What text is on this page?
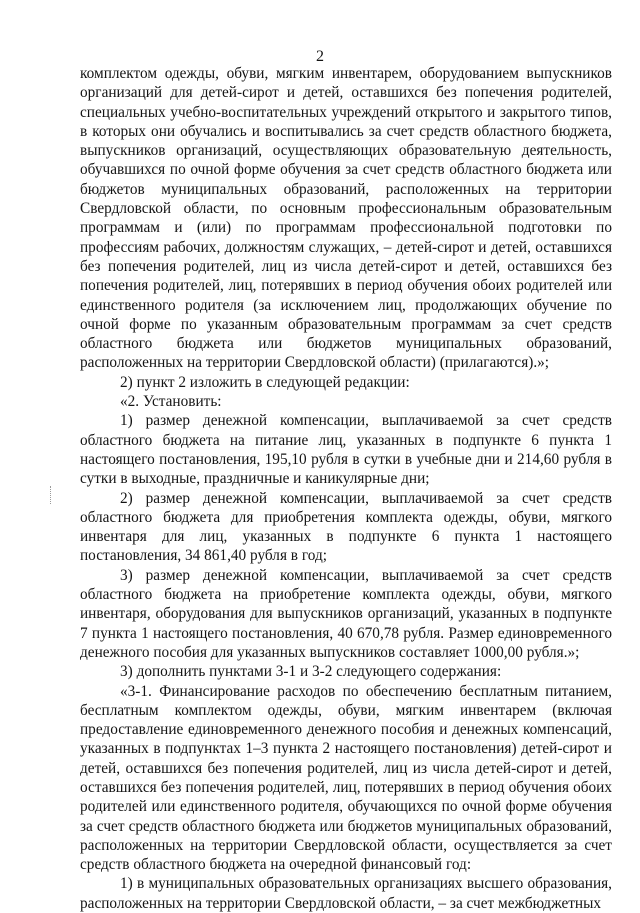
2

комплектом одежды, обуви, мягким инвентарем, оборудованием выпускников организаций для детей-сирот и детей, оставшихся без попечения родителей, специальных учебно-воспитательных учреждений открытого и закрытого типов, в которых они обучались и воспитывались за счет средств областного бюджета, выпускников организаций, осуществляющих образовательную деятельность, обучавшихся по очной форме обучения за счет средств областного бюджета или бюджетов муниципальных образований, расположенных на территории Свердловской области, по основным профессиональным образовательным программам и (или) по программам профессиональной подготовки по профессиям рабочих, должностям служащих, – детей-сирот и детей, оставшихся без попечения родителей, лиц из числа детей-сирот и детей, оставшихся без попечения родителей, лиц, потерявших в период обучения обоих родителей или единственного родителя (за исключением лиц, продолжающих обучение по очной форме по указанным образовательным программам за счет средств областного бюджета или бюджетов муниципальных образований, расположенных на территории Свердловской области) (прилагаются).»;

2) пункт 2 изложить в следующей редакции:

«2. Установить:

1) размер денежной компенсации, выплачиваемой за счет средств областного бюджета на питание лиц, указанных в подпункте 6 пункта 1 настоящего постановления, 195,10 рубля в сутки в учебные дни и 214,60 рубля в сутки в выходные, праздничные и каникулярные дни;

2) размер денежной компенсации, выплачиваемой за счет средств областного бюджета для приобретения комплекта одежды, обуви, мягкого инвентаря для лиц, указанных в подпункте 6 пункта 1 настоящего постановления, 34 861,40 рубля в год;

3) размер денежной компенсации, выплачиваемой за счет средств областного бюджета на приобретение комплекта одежды, обуви, мягкого инвентаря, оборудования для выпускников организаций, указанных в подпункте 7 пункта 1 настоящего постановления, 40 670,78 рубля. Размер единовременного денежного пособия для указанных выпускников составляет 1000,00 рубля.»;

3) дополнить пунктами 3-1 и 3-2 следующего содержания:

«3-1. Финансирование расходов по обеспечению бесплатным питанием, бесплатным комплектом одежды, обуви, мягким инвентарем (включая предоставление единовременного денежного пособия и денежных компенсаций, указанных в подпунктах 1–3 пункта 2 настоящего постановления) детей-сирот и детей, оставшихся без попечения родителей, лиц из числа детей-сирот и детей, оставшихся без попечения родителей, лиц, потерявших в период обучения обоих родителей или единственного родителя, обучающихся по очной форме обучения за счет средств областного бюджета или бюджетов муниципальных образований, расположенных на территории Свердловской области, осуществляется за счет средств областного бюджета на очередной финансовый год:

1) в муниципальных образовательных организациях высшего образования, расположенных на территории Свердловской области, – за счет межбюджетных
